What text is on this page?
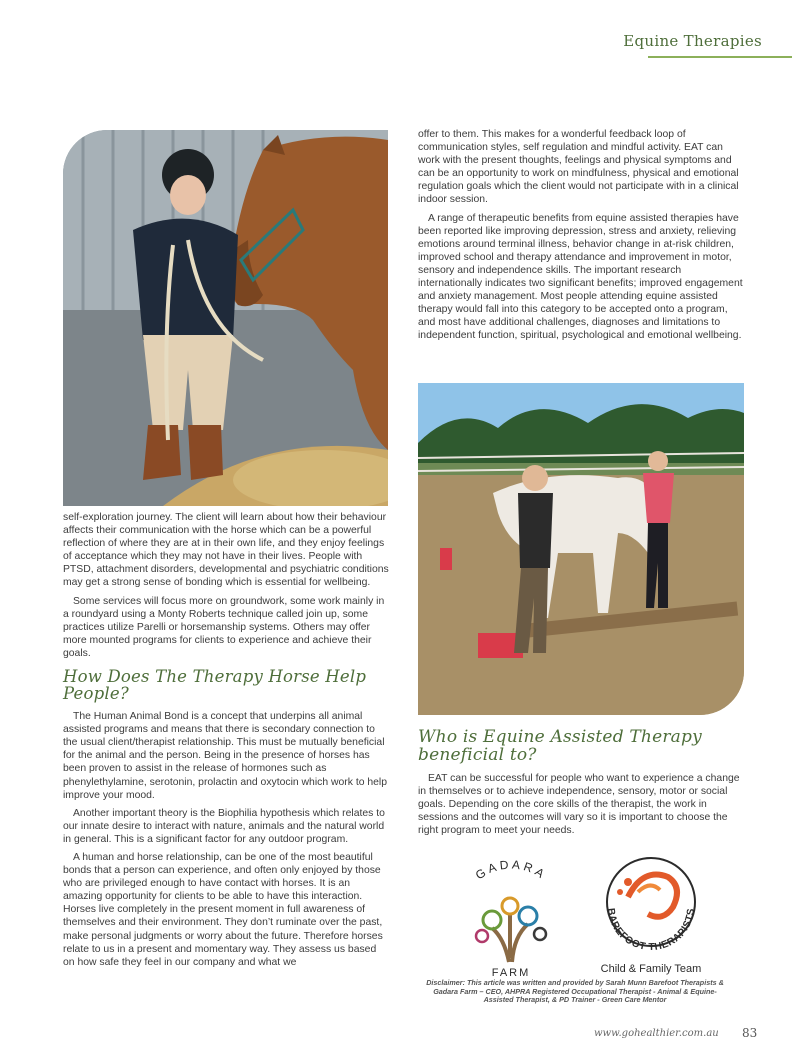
Equine Therapies

self-exploration journey. The client will learn about how their behaviour affects their communication with the horse which can be a powerful reflection of where they are at in their own life, and they enjoy feelings of acceptance which they may not have in their lives. People with PTSD, attachment disorders, developmental and psychiatric conditions may get a strong sense of bonding which is essential for wellbeing.

Some services will focus more on groundwork, some work mainly in a roundyard using a Monty Roberts technique called join up, some practices utilize Parelli or horsemanship systems. Others may offer more mounted programs for clients to experience and achieve their goals.

How Does The Therapy Horse Help People?

The Human Animal Bond is a concept that underpins all animal assisted programs and means that there is secondary connection to the usual client/therapist relationship. This must be mutually beneficial for the animal and the person. Being in the presence of horses has been proven to assist in the release of hormones such as phenylethylamine, serotonin, prolactin and oxytocin which work to help improve your mood.

Another important theory is the Biophilia hypothesis which relates to our innate desire to interact with nature, animals and the natural world in general. This is a significant factor for any outdoor program.

A human and horse relationship, can be one of the most beautiful bonds that a person can experience, and often only enjoyed by those who are privileged enough to have contact with horses. It is an amazing opportunity for clients to be able to have this interaction. Horses live completely in the present moment in full awareness of themselves and their environment. They don’t ruminate over the past, make personal judgments or worry about the future. Therefore horses relate to us in a present and momentary way. They assess us based on how safe they feel in our company and what we

offer to them. This makes for a wonderful feedback loop of communication styles, self regulation and mindful activity. EAT can work with the present thoughts, feelings and physical symptoms and can be an opportunity to work on mindfulness, physical and emotional regulation goals which the client would not participate with in a clinical indoor session.

A range of therapeutic benefits from equine assisted therapies have been reported like improving depression, stress and anxiety, relieving emotions around terminal illness, behavior change in at-risk children, improved school and therapy attendance and improvement in motor, sensory and independence skills. The important research internationally indicates two significant benefits; improved engagement and anxiety management. Most people attending equine assisted therapy would fall into this category to be accepted onto a program, and most have additional challenges, diagnoses and limitations to independent function, spiritual, psychological and emotional wellbeing.

Who is Equine Assisted Therapy beneficial to?

EAT can be successful for people who want to experience a change in themselves or to achieve independence, sensory, motor or social goals. Depending on the core skills of the therapist, the work in sessions and the outcomes will vary so it is important to choose the right program to meet your needs.

GADARA
FARM
BAREFOOT THERAPISTS
Child & Family Team
Disclaimer: This article was written and provided by Sarah Munn Barefoot Therapists & Gadara Farm – CEO, AHPRA Registered Occupational Therapist - Animal & Equine-Assisted Therapist, & PD Trainer - Green Care Mentor
www.gohealthier.com.au 83
